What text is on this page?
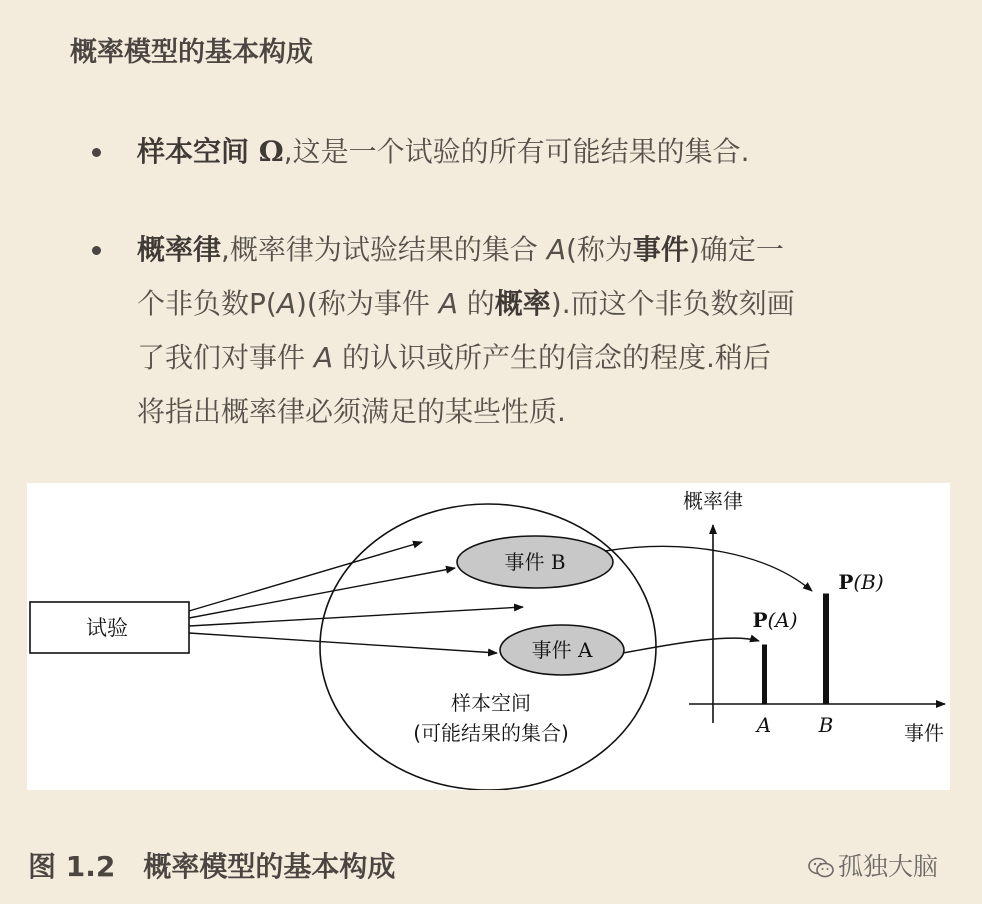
概率模型的基本构成
样本空间 Ω,这是一个试验的所有可能结果的集合.
概率律,概率律为试验结果的集合 A(称为事件)确定一
个非负数P(A)(称为事件 A 的概率).而这个非负数刻画
了我们对事件 A 的认识或所产生的信念的程度.稍后
将指出概率律必须满足的某些性质.
试验
事件 B
事件 A
样本空间
(可能结果的集合)
概率律
事件
P(A)
P(B)
A B
图 1.2　概率模型的基本构成	孤独大脑
